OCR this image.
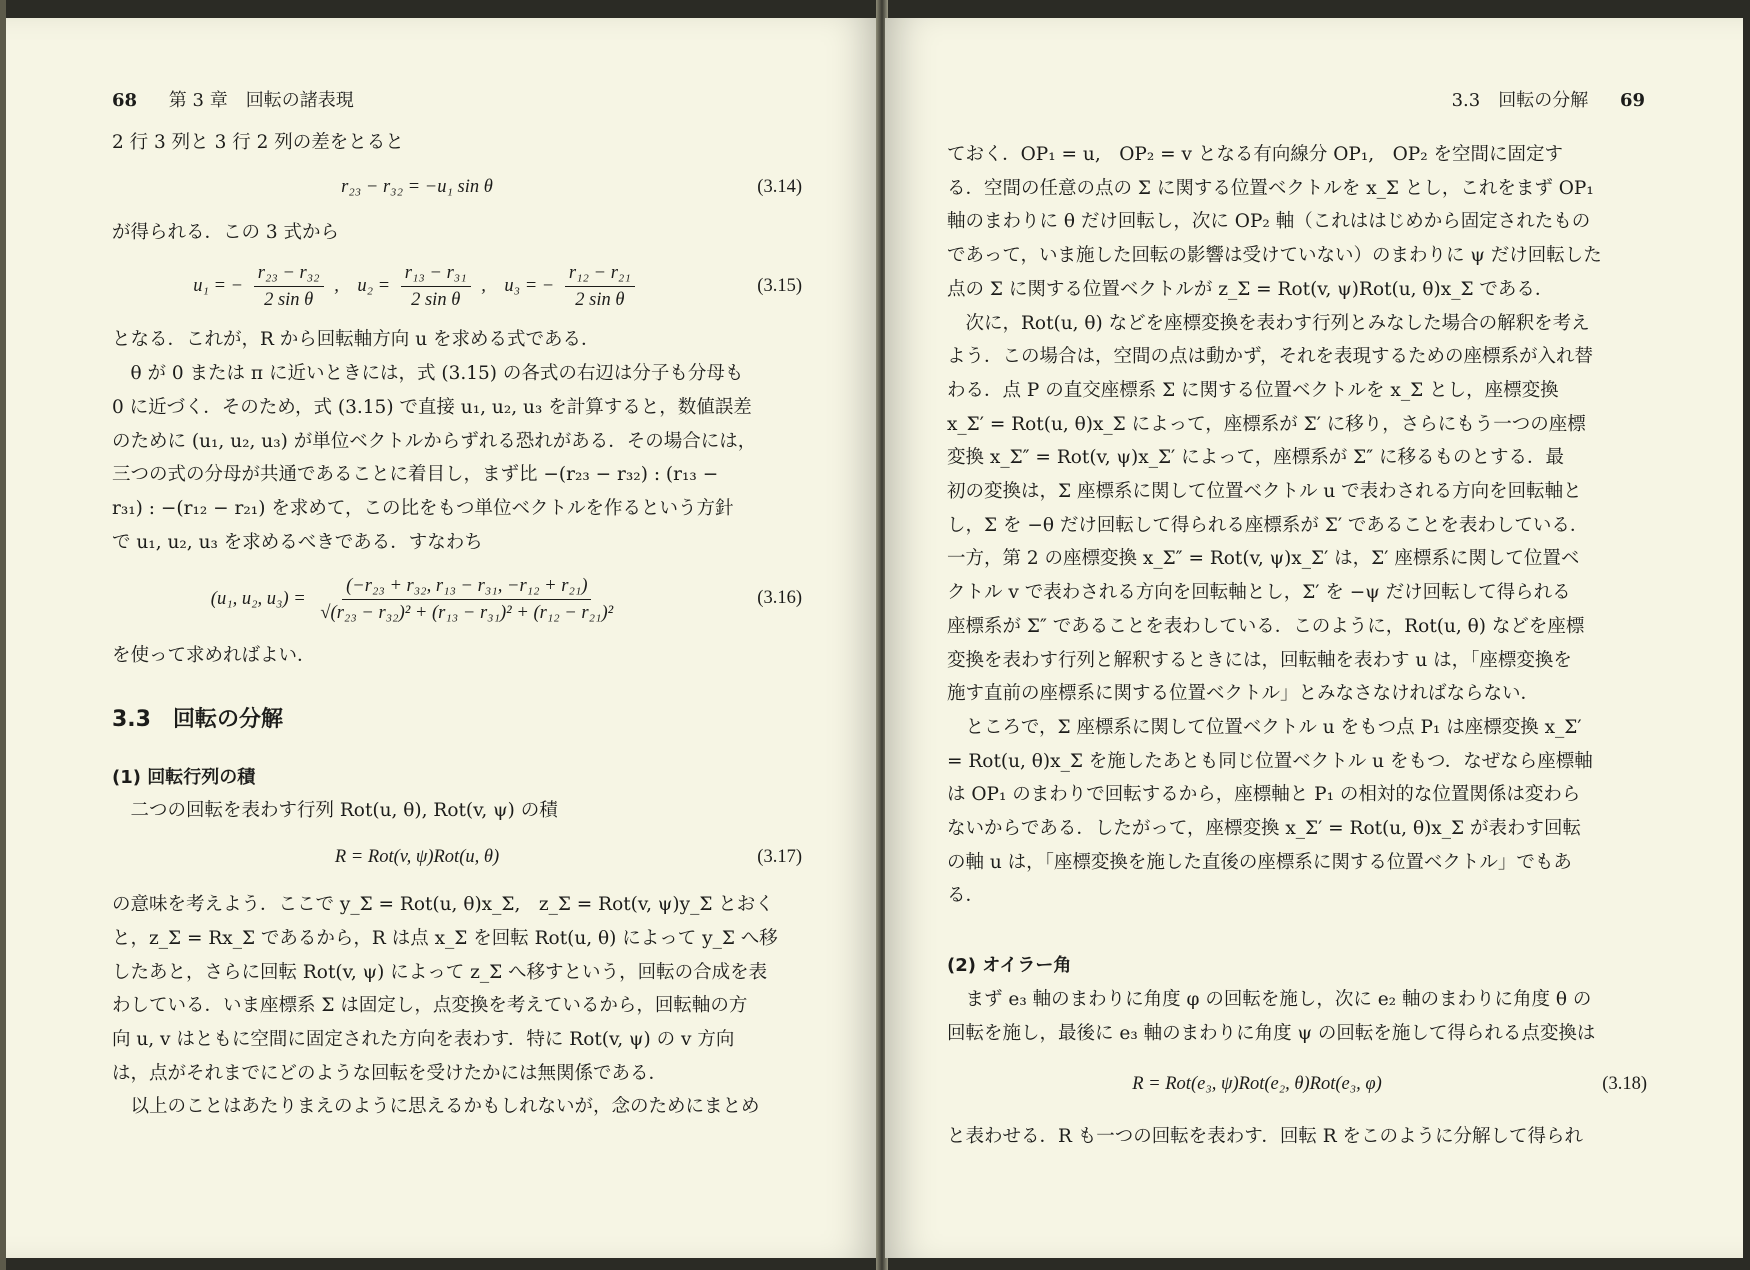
68 第 3 章　回転の諸表現

2 行 3 列と 3 行 2 列の差をとると

r₂₃ − r₃₂ = −u₁ sin θ	(3.14)

が得られる．この 3 式から

u₁ = − $\frac{\text{r₂₃ − r₃₂}}{\text{2 sin θ}}$ ,　$u_2 = \frac{\text{r₁₃ − r₃₁}}{\text{2 sin θ}}$ ,　u₃ = − $\frac{\text{r₁₂ − r₂₁}}{\text{2 sin θ}}$	(3.15)

となる．これが，R から回転軸方向 u を求める式である．

θ が 0 または π に近いときには，式 (3.15) の各式の右辺は分子も分母も

0 に近づく．そのため，式 (3.15) で直接 u₁, u₂, u₃ を計算すると，数値誤差

のために (u₁, u₂, u₃) が単位ベクトルからずれる恐れがある．その場合には，

三つの式の分母が共通であることに着目し，まず比 −(r₂₃ − r₃₂) : (r₁₃ −

r₃₁) : −(r₁₂ − r₂₁) を求めて，この比をもつ単位ベクトルを作るという方針

で u₁, u₂, u₃ を求めるべきである．すなわち

(u₁, u₂, $u_3) = \frac{\text{(−r₂₃ + r₃₂, r₁₃ − r₃₁, −r₁₂ + r₂₁)}}{\text{√(r₂₃ − r₃₂)² + (r₁₃ − r₃₁)² + (r₁₂ − r₂₁)²}}$	(3.16)

を使って求めればよい．

3.3　回転の分解
(1) 回転行列の積

二つの回転を表わす行列 Rot(u, θ), Rot(v, ψ) の積

R = Rot(v, ψ)Rot(u, θ)	(3.17)

の意味を考えよう．ここで y_Σ = Rot(u, θ)x_Σ,　z_Σ = Rot(v, ψ)y_Σ とおく

と，z_Σ = Rx_Σ であるから，R は点 x_Σ を回転 Rot(u, θ) によって y_Σ へ移

したあと，さらに回転 Rot(v, ψ) によって z_Σ へ移すという，回転の合成を表

わしている．いま座標系 Σ は固定し，点変換を考えているから，回転軸の方

向 u, v はともに空間に固定された方向を表わす．特に Rot(v, ψ) の v 方向

は，点がそれまでにどのような回転を受けたかには無関係である．

以上のことはあたりまえのように思えるかもしれないが，念のためにまとめ

3.3　回転の分解 69

ておく．OP₁ = u,　OP₂ = v となる有向線分 OP₁,　OP₂ を空間に固定す

る．空間の任意の点の Σ に関する位置ベクトルを x_Σ とし，これをまず OP₁

軸のまわりに θ だけ回転し，次に OP₂ 軸（これははじめから固定されたもの

であって，いま施した回転の影響は受けていない）のまわりに ψ だけ回転した

点の Σ に関する位置ベクトルが z_Σ = Rot(v, ψ)Rot(u, θ)x_Σ である．

次に，Rot(u, θ) などを座標変換を表わす行列とみなした場合の解釈を考え

よう．この場合は，空間の点は動かず，それを表現するための座標系が入れ替

わる．点 P の直交座標系 Σ に関する位置ベクトルを x_Σ とし，座標変換

x_Σ′ = Rot(u, θ)x_Σ によって，座標系が Σ′ に移り，さらにもう一つの座標

変換 x_Σ″ = Rot(v, ψ)x_Σ′ によって，座標系が Σ″ に移るものとする．最

初の変換は，Σ 座標系に関して位置ベクトル u で表わされる方向を回転軸と

し，Σ を −θ だけ回転して得られる座標系が Σ′ であることを表わしている．

一方，第 2 の座標変換 x_Σ″ = Rot(v, ψ)x_Σ′ は，Σ′ 座標系に関して位置ベ

クトル v で表わされる方向を回転軸とし，Σ′ を −ψ だけ回転して得られる

座標系が Σ″ であることを表わしている．このように，Rot(u, θ) などを座標

変換を表わす行列と解釈するときには，回転軸を表わす u は，「座標変換を

施す直前の座標系に関する位置ベクトル」とみなさなければならない．

ところで，Σ 座標系に関して位置ベクトル u をもつ点 P₁ は座標変換 x_Σ′

= Rot(u, θ)x_Σ を施したあとも同じ位置ベクトル u をもつ．なぜなら座標軸

は OP₁ のまわりで回転するから，座標軸と P₁ の相対的な位置関係は変わら

ないからである．したがって，座標変換 x_Σ′ = Rot(u, θ)x_Σ が表わす回転

の軸 u は，「座標変換を施した直後の座標系に関する位置ベクトル」でもあ

る．

(2) オイラー角

まず e₃ 軸のまわりに角度 φ の回転を施し，次に e₂ 軸のまわりに角度 θ の

回転を施し，最後に e₃ 軸のまわりに角度 ψ の回転を施して得られる点変換は

R = Rot(e₃, ψ)Rot(e₂, θ)Rot(e₃, φ)	(3.18)

と表わせる．R も一つの回転を表わす．回転 R をこのように分解して得られ
